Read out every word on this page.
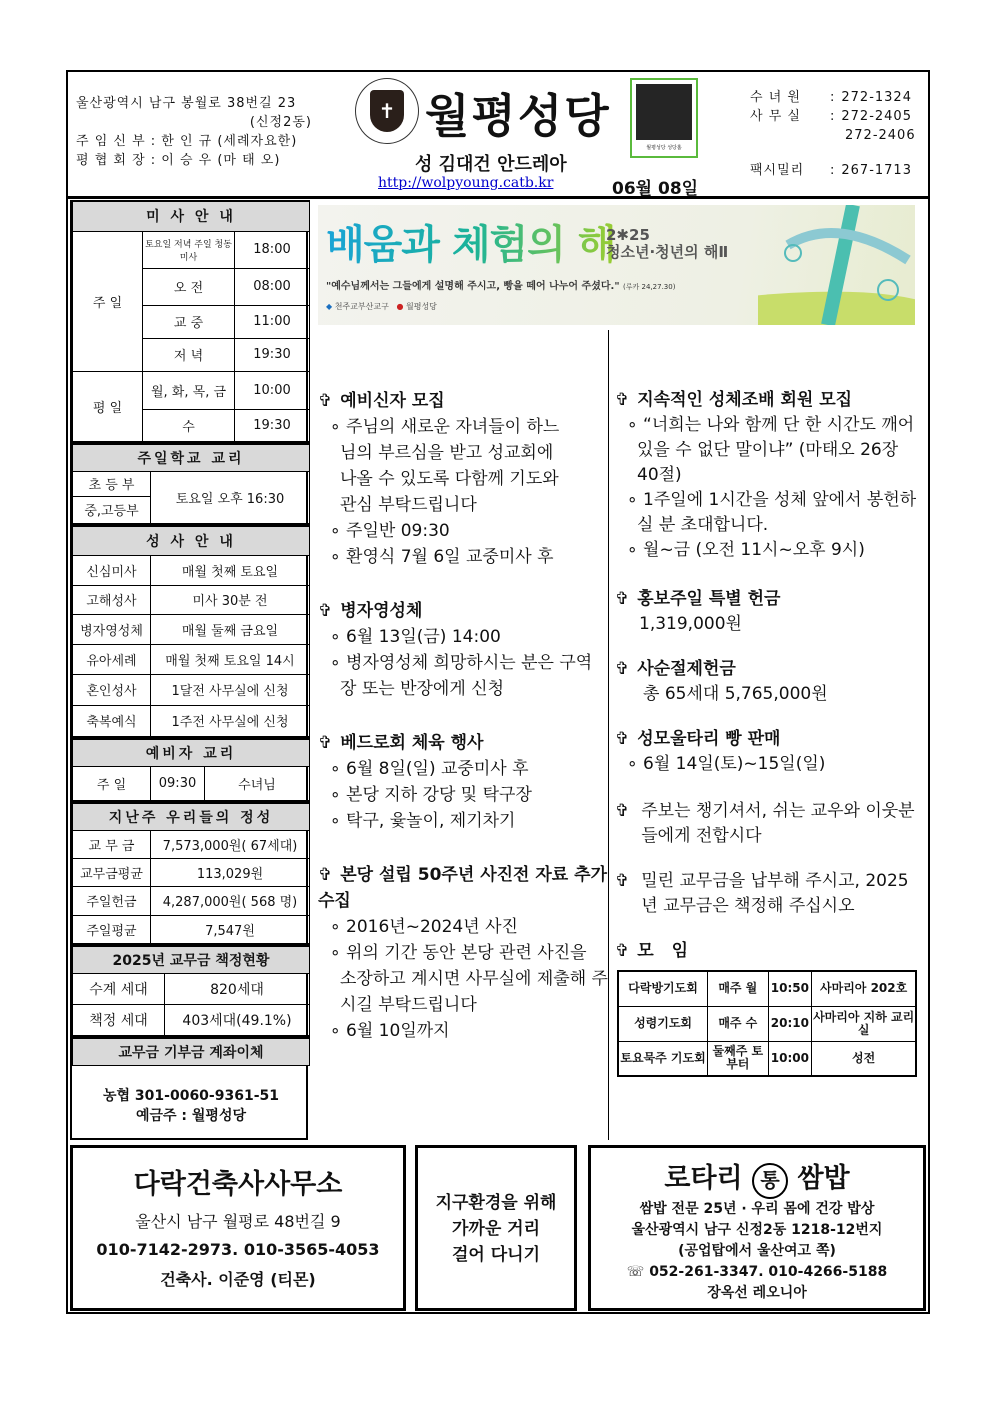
울산광역시 남구 봉월로 38번길 23
(신정2동)
주 임 신 부 : 한 인 규 (세례자요한)
평 협 회 장 : 이 승 우 (마 태 오)
✝ 월평성당
성 김대건 안드레아
http://wolpyoung.catb.kr	06월 08일
월평성당 성당홈
수 녀 원	: 272-1324
사 무 실	: 272-2405
272-2406
팩시밀리	: 267-1713
미 사 안 내		
주 일	토요일 저녁 주일 청동미사	18:00
	오 전	08:00
	교 중	11:00
	저 녁	19:30
평 일	월, 화, 목, 금	10:00
	수	19:30
주일학교 교리
초 등 부	토요일 오후 16:30
중,고등부
성 사 안 내	
신심미사	매월 첫째 토요일
고해성사	미사 30분 전
병자영성체	매월 둘째 금요일
유아세례	매월 첫째 토요일 14시
혼인성사	1달전 사무실에 신청
축복예식	1주전 사무실에 신청
예비자 교리
주 일	09:30	수녀님
지난주 우리들의 정성	
교 무 금	7,573,000원( 67세대)
교무금평균	113,029원
주일헌금	4,287,000원( 568 명)
주일평균	7,547원
2025년 교무금 책정현황	
수계 세대	820세대
책정 세대	403세대(49.1%)
교무금 기부금 계좌이체

농협 301-0060-9361-51
예금주 : 월평성당
배움과 체험의 해
2✱25
청소년·청년의 해Ⅱ
"예수님께서는 그들에게 설명해 주시고, 빵을 떼어 나누어 주셨다." (루카 24,27.30)
◆ 천주교부산교구 ● 월평성당
✞ 예비신자 모집
∘ 주님의 새로운 자녀들이 하느님의 부르심을 받고 성교회에 나올 수 있도록 다함께 기도와 관심 부탁드립니다
∘ 주일반 09:30
∘ 환영식 7월 6일 교중미사 후
✞ 병자영성체
∘ 6월 13일(금) 14:00
∘ 병자영성체 희망하시는 분은 구역장 또는 반장에게 신청
✞ 베드로회 체육 행사
∘ 6월 8일(일) 교중미사 후
∘ 본당 지하 강당 및 탁구장
∘ 탁구, 윷놀이, 제기차기
✞ 본당 설립 50주년 사진전 자료 추가 수집
∘ 2016년~2024년 사진
∘ 위의 기간 동안 본당 관련 사진을 소장하고 계시면 사무실에 제출해 주시길 부탁드립니다
∘ 6월 10일까지
✞ 지속적인 성체조배 회원 모집
∘ “너희는 나와 함께 단 한 시간도 깨어 있을 수 없단 말이냐” (마태오 26장 40절)
∘ 1주일에 1시간을 성체 앞에서 봉헌하실 분 초대합니다.
∘ 월~금 (오전 11시~오후 9시)
✞ 홍보주일 특별 헌금
1,319,000원
✞ 사순절제헌금
총 65세대 5,765,000원
✞ 성모울타리 빵 판매
∘ 6월 14일(토)~15일(일)
✞ 주보는 챙기셔서, 쉬는 교우와 이웃분들에게 전합시다
✞ 밀린 교무금을 납부해 주시고, 2025년 교무금은 책정해 주십시오
✞ 모 임
다락방기도회	매주 월	10:50	사마리아 202호
성령기도회	매주 수	20:10	사마리아 지하 교리실
토요묵주 기도회	둘째주 토부터	10:00	성전
다락건축사사무소
울산시 남구 월평로 48번길 9
010-7142-2973. 010-3565-4053
건축사. 이준영 (티몬)
지구환경을 위해
가까운 거리
걸어 다니기
로타리 통 쌈밥
쌈밥 전문 25년 · 우리 몸에 건강 밥상
울산광역시 남구 신정2동 1218-12번지
(공업탑에서 울산여고 쪽)
☏ 052-261-3347. 010-4266-5188
장옥선 레오니아
